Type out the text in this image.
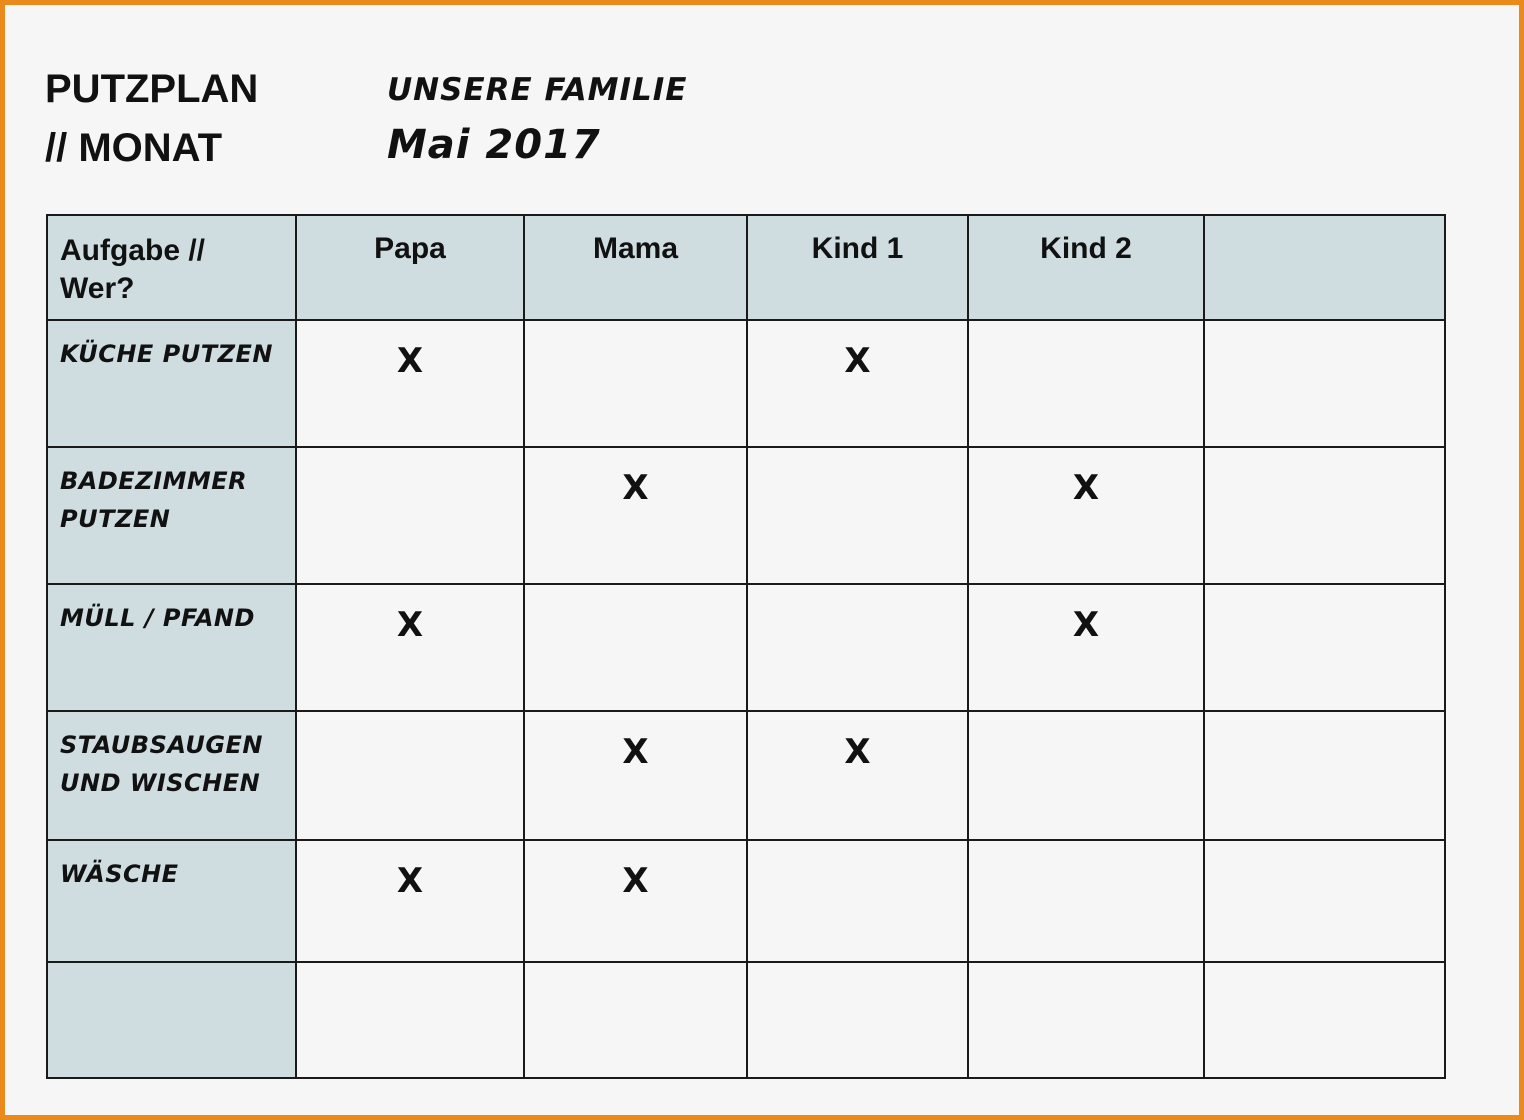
PUTZPLAN
// MONAT
UNSERE FAMILIE
Mai 2017
Aufgabe // Wer?	Papa	Mama	Kind 1	Kind 2	
KÜCHE PUTZEN	X		X		
BADEZIMMER PUTZEN		X		X	
MÜLL / PFAND	X			X	
STAUBSAUGEN UND WISCHEN		X	X		
WÄSCHE	X	X			
